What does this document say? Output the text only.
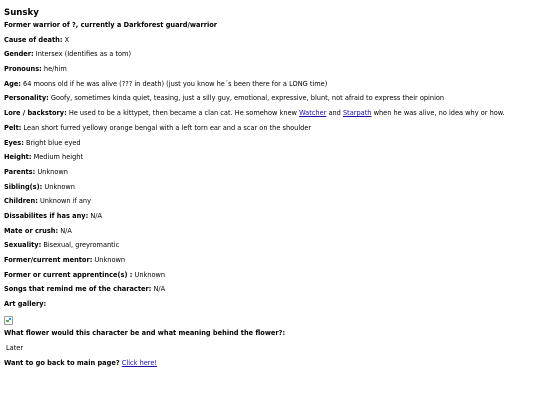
Sunsky
Former warrior of ?, currently a Darkforest guard/warrior
Cause of death: X
Gender: Intersex (Identifies as a tom)
Pronouns: he/him
Age: 64 moons old if he was alive (??? in death) (just you know he´s been there for a LONG time)
Personality: Goofy, sometimes kinda quiet, teasing, just a silly guy, emotional, expressive, blunt, not afraid to express their opinion
Lore / backstory: He used to be a kittypet, then became a clan cat. He somehow knew Watcher and Starpath when he was alive, no idea why or how.
Pelt: Lean short furred yellowy orange bengal with a left torn ear and a scar on the shoulder
Eyes: Bright blue eyed
Height: Medium height
Parents: Unknown
Sibling(s): Unknown
Children: Unknown if any
Dissabilites if has any: N/A
Mate or crush: N/A
Sexuality: Bisexual, greyromantic
Former/current mentor: Unknown
Former or current apprentince(s) : Unknown
Songs that remind me of the character: N/A
Art gallery:
What flower would this character be and what meaning behind the flower?:
Later
Want to go back to main page? Click here!
